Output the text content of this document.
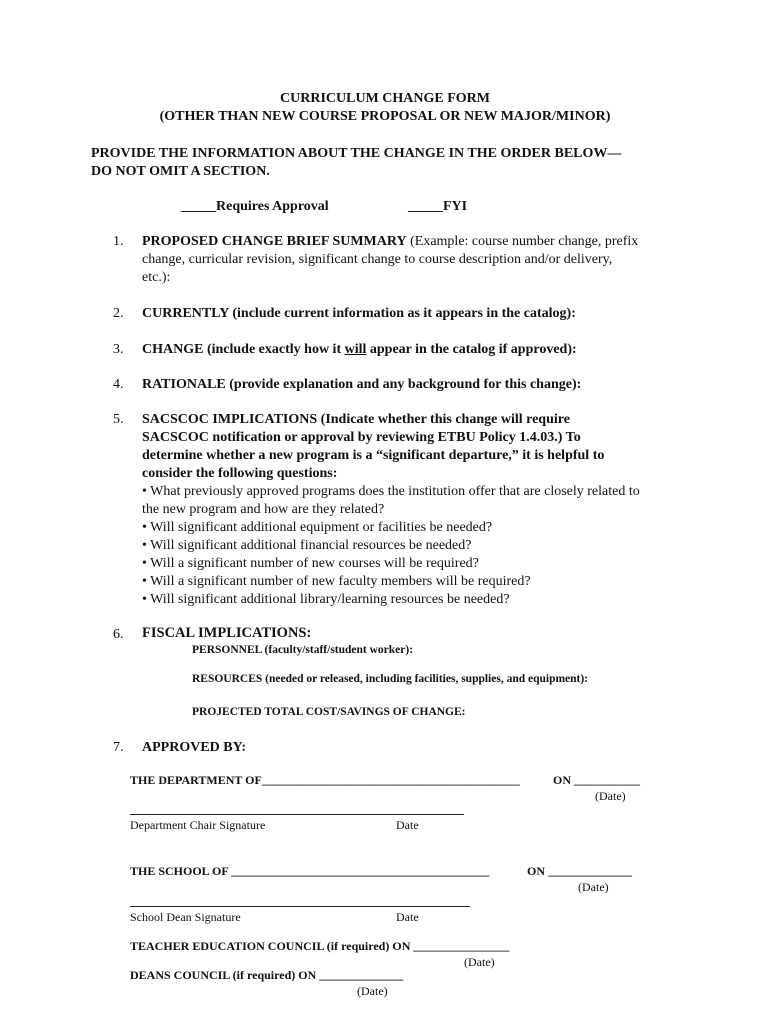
CURRICULUM CHANGE FORM
(OTHER THAN NEW COURSE PROPOSAL OR NEW MAJOR/MINOR)
PROVIDE THE INFORMATION ABOUT THE CHANGE IN THE ORDER BELOW—
DO NOT OMIT A SECTION.
_____Requires Approval	_____FYI
1. PROPOSED CHANGE BRIEF SUMMARY (Example: course number change, prefix
change, curricular revision, significant change to course description and/or delivery,
etc.):
2. CURRENTLY (include current information as it appears in the catalog):
3. CHANGE (include exactly how it will appear in the catalog if approved):
4. RATIONALE (provide explanation and any background for this change):
5. SACSCOC IMPLICATIONS (Indicate whether this change will require
SACSCOC notification or approval by reviewing ETBU Policy 1.4.03.) To
determine whether a new program is a “significant departure,” it is helpful to
consider the following questions:
• What previously approved programs does the institution offer that are closely related to
the new program and how are they related?
• Will significant additional equipment or facilities be needed?
• Will significant additional financial resources be needed?
• Will a significant number of new courses will be required?
• Will a significant number of new faculty members will be required?
• Will significant additional library/learning resources be needed?
6. FISCAL IMPLICATIONS:
PERSONNEL (faculty/staff/student worker):
RESOURCES (needed or released, including facilities, supplies, and equipment):
PROJECTED TOTAL COST/SAVINGS OF CHANGE:
7. APPROVED BY:
THE DEPARTMENT OF___________________________________________	ON ___________
(Date)
Department Chair Signature	Date
THE SCHOOL OF ___________________________________________	ON ______________
(Date)
School Dean Signature	Date
TEACHER EDUCATION COUNCIL (if required) ON ________________
(Date)
DEANS COUNCIL (if required) ON ______________
(Date)
